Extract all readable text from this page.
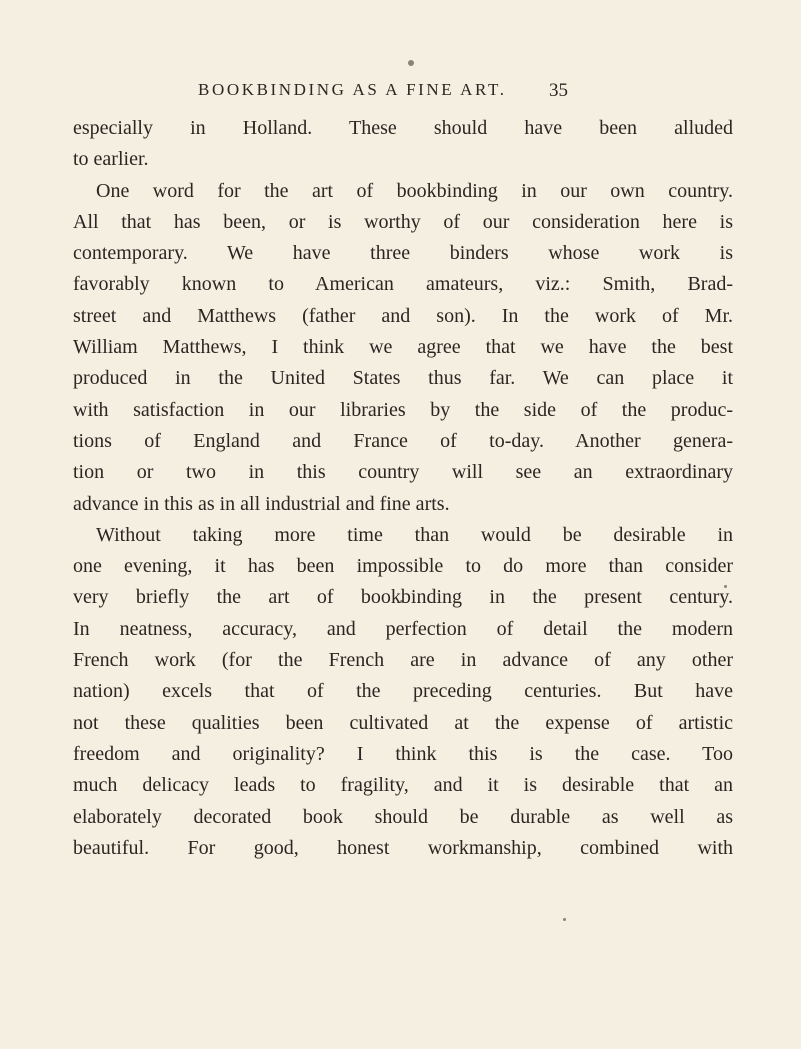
BOOKBINDING AS A FINE ART. 35
especially in Holland. These should have been alluded
to earlier.
One word for the art of bookbinding in our own country.
All that has been, or is worthy of our consideration here is
contemporary. We have three binders whose work is
favorably known to American amateurs, viz.: Smith, Brad-
street and Matthews (father and son). In the work of Mr.
William Matthews, I think we agree that we have the best
produced in the United States thus far. We can place it
with satisfaction in our libraries by the side of the produc-
tions of England and France of to-day. Another genera-
tion or two in this country will see an extraordinary
advance in this as in all industrial and fine arts.
Without taking more time than would be desirable in
one evening, it has been impossible to do more than consider
very briefly the art of bookbinding in the present century.
In neatness, accuracy, and perfection of detail the modern
French work (for the French are in advance of any other
nation) excels that of the preceding centuries. But have
not these qualities been cultivated at the expense of artistic
freedom and originality? I think this is the case. Too
much delicacy leads to fragility, and it is desirable that an
elaborately decorated book should be durable as well as
beautiful. For good, honest workmanship, combined with
